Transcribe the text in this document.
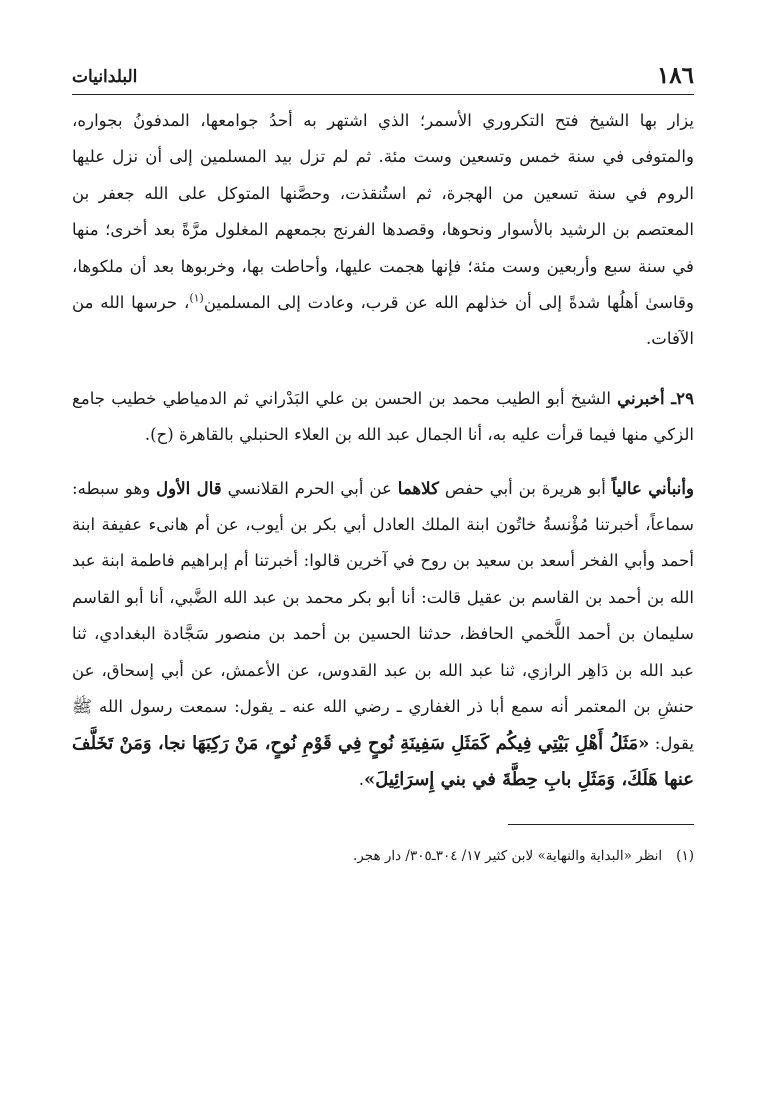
١٨٦
البلدانيات

يزار بها الشيخ فتح التكروري الأسمر؛ الذي اشتهر به أحدُ جوامعها، المدفونُ بجواره، والمتوفى في سنة خمس وتسعين وست مئة. ثم لم تزل بيد المسلمين إلى أن نزل عليها الروم في سنة تسعين من الهجرة، ثم استُنقذت، وحصَّنها المتوكل على الله جعفر بن المعتصم بن الرشيد بالأسوار ونحوها، وقصدها الفرنج بجمعهم المغلول مرَّةً بعد أخرى؛ منها في سنة سبع وأربعين وست مئة؛ فإنها هجمت عليها، وأحاطت بها، وخربوها بعد أن ملكوها، وقاسىٰ أهلُها شدةً إلى أن خذلهم الله عن قرب، وعادت إلى المسلمين$^{(١)}$، حرسها الله من الآفات.

٢٩ـ أخبرني الشيخ أبو الطيب محمد بن الحسن بن علي البَدْراني ثم الدمياطي خطيب جامع الزكي منها فيما قرأت عليه به، أنا الجمال عبد الله بن العلاء الحنبلي بالقاهرة (ح).

وأنبأني عالياً أبو هريرة بن أبي حفص كلاهما عن أبي الحرم القلانسي قال الأول وهو سبطه: سماعاً، أخبرتنا مُؤْنسةُ خاتُون ابنة الملك العادل أبي بكر بن أيوب، عن أم هانىء عفيفة ابنة أحمد وأبي الفخر أسعد بن سعيد بن روح في آخرين قالوا: أخبرتنا أم إبراهيم فاطمة ابنة عبد الله بن أحمد بن القاسم بن عقيل قالت: أنا أبو بكر محمد بن عبد الله الضَّبي، أنا أبو القاسم سليمان بن أحمد اللَّخمي الحافظ، حدثنا الحسين بن أحمد بن منصور سَجَّادة البغدادي، ثنا عبد الله بن دَاهِر الرازي، ثنا عبد الله بن عبد القدوس، عن الأعمش، عن أبي إسحاق، عن حنشِ بن المعتمر أنه سمع أبا ذر الغفاري ـ رضي الله عنه ـ يقول: سمعت رسول الله ﷺ يقول: «مَثَلُ أَهْلِ بَيْتِي فِيكُم كَمَثَلِ سَفِينَةِ نُوحٍ فِي قَوْمِ نُوحٍ، مَنْ رَكِبَهَا نجا، وَمَنْ تَخَلَّفَ عنها هَلَكَ، وَمَثَلِ بابِ حِطَّةَ في بني إِسرَائِيلَ».

(١)انظر «البداية والنهاية» لابن كثير ١٧/ ٣٠٤ـ٣٠٥/ دار هجر.
